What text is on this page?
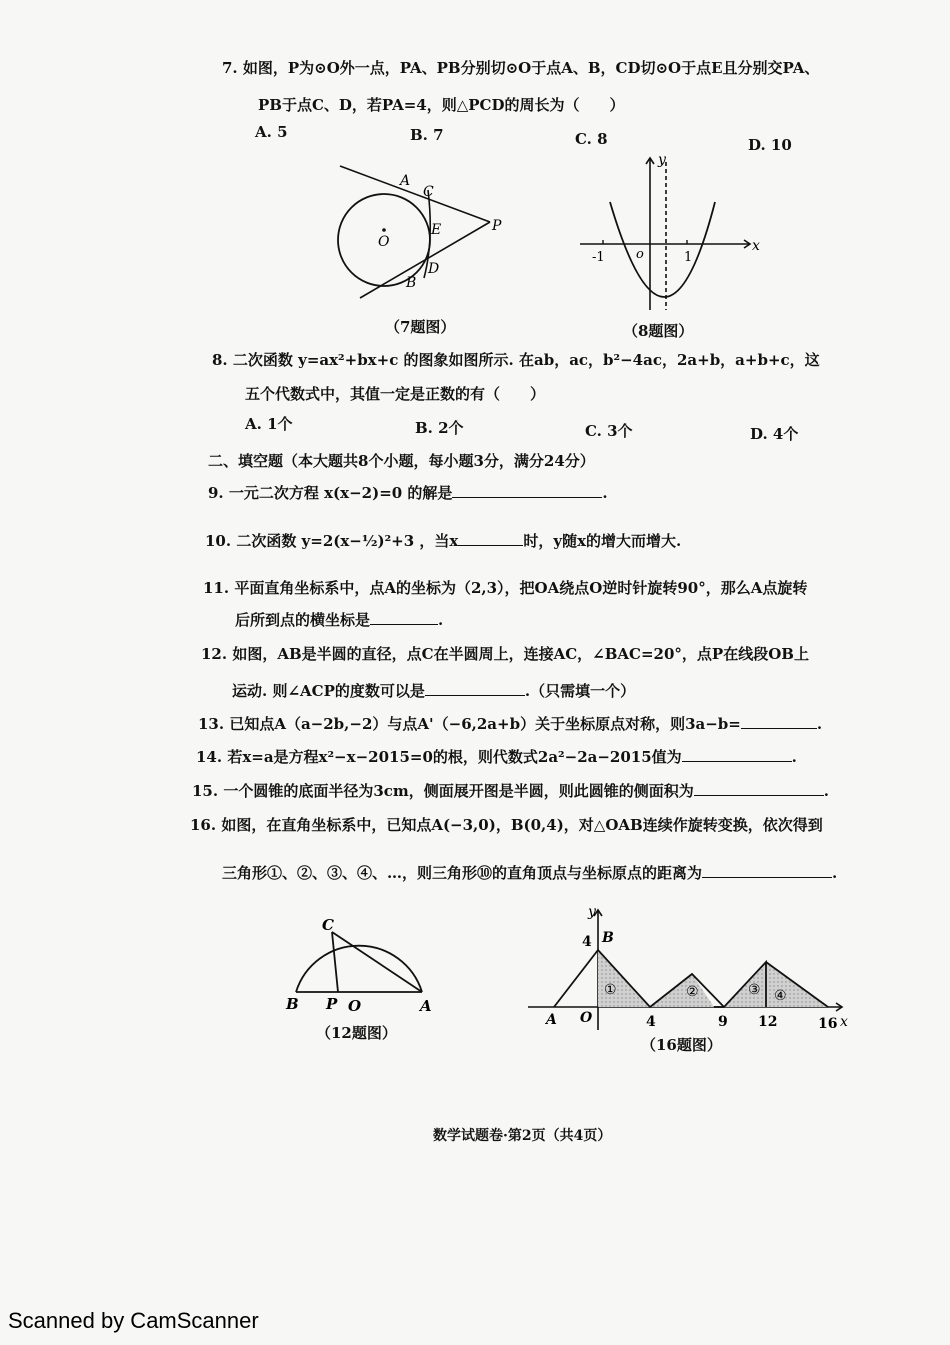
7. 如图，P为⊙O外一点，PA、PB分别切⊙O于点A、B，CD切⊙O于点E且分别交PA、
PB于点C、D，若PA=4，则△PCD的周长为（　　）
A. 5	B. 7	C. 8	D. 10
A
C
E	P
O
D
B
（7题图）
y
x
-1 o	1
（8题图）
8. 二次函数 y=ax²+bx+c 的图象如图所示. 在ab，ac，b²−4ac，2a+b，a+b+c，这
五个代数式中，其值一定是正数的有（　　）
A. 1个	B. 2个	C. 3个	D. 4个
二、填空题（本大题共8个小题，每小题3分，满分24分）
9. 一元二次方程 x(x−2)=0 的解是	.
10. 二次函数 y=2(x−½)²+3 ，当x	时，y随x的增大而增大.
11. 平面直角坐标系中，点A的坐标为（2,3），把OA绕点O逆时针旋转90°，那么A点旋转
后所到点的横坐标是	.
12. 如图，AB是半圆的直径，点C在半圆周上，连接AC，∠BAC=20°，点P在线段OB上
运动. 则∠ACP的度数可以是	.（只需填一个）
13. 已知点A（a−2b,−2）与点A'（−6,2a+b）关于坐标原点对称，则3a−b=	.
14. 若x=a是方程x²−x−2015=0的根，则代数式2a²−2a−2015值为	.
15. 一个圆锥的底面半径为3cm，侧面展开图是半圆，则此圆锥的侧面积为	.
16. 如图，在直角坐标系中，已知点A(−3,0)，B(0,4)，对△OAB连续作旋转变换，依次得到
三角形①、②、③、④、…，则三角形⑩的直角顶点与坐标原点的距离为	.
C
B P O	A
（12题图）
y
4 B
A O	4	9 12	16 x
①	②	③ ④
（16题图）
数学试题卷·第2页（共4页）
Scanned by CamScanner
